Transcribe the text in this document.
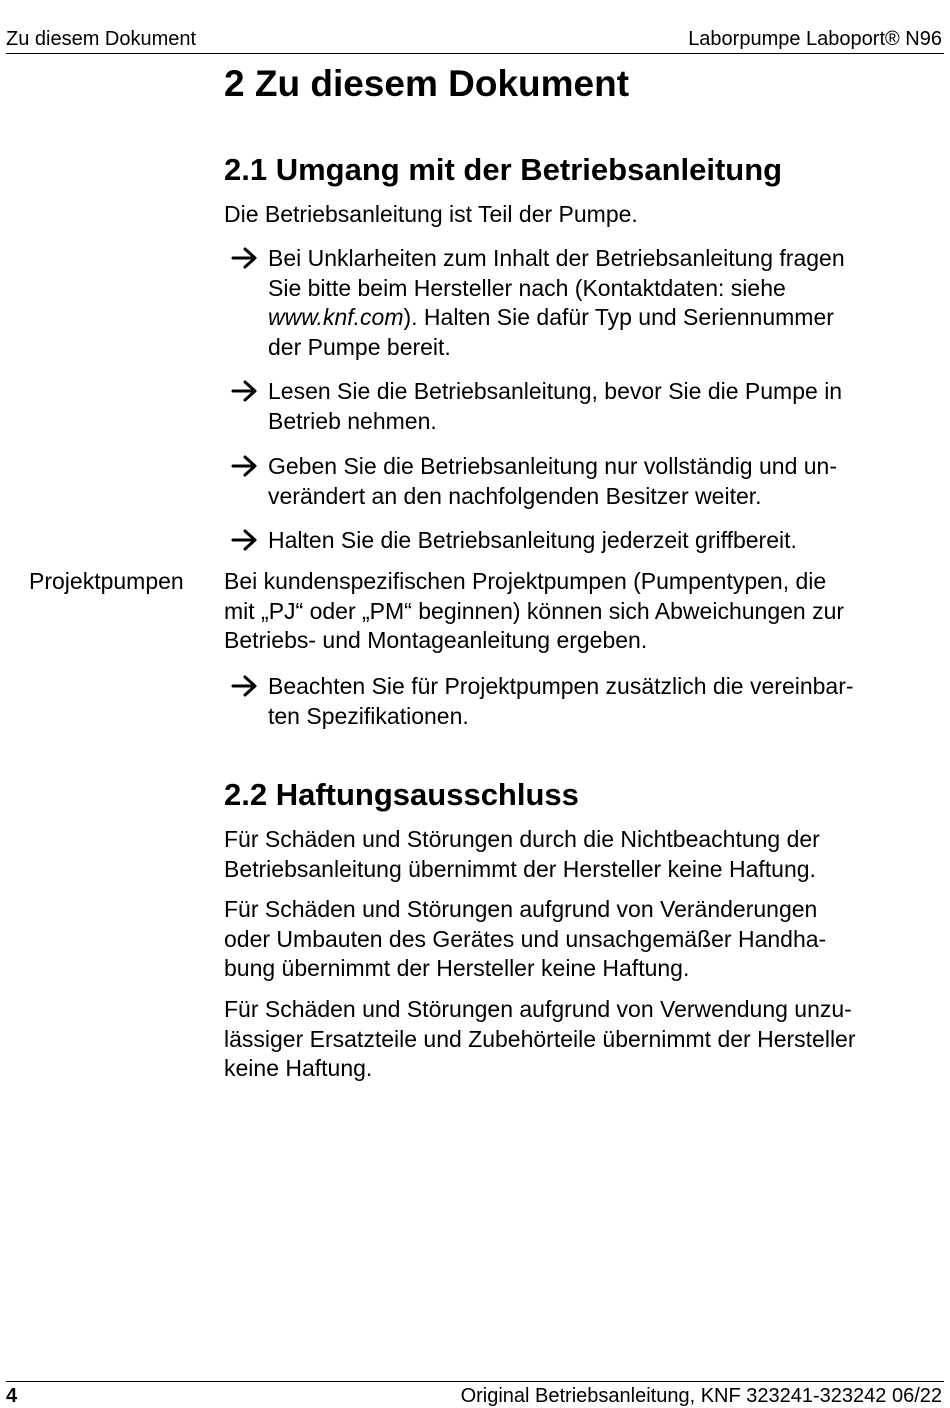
Zu diesem Dokument	Laborpumpe Laboport® N96
2 Zu diesem Dokument
2.1 Umgang mit der Betriebsanleitung

Die Betriebsanleitung ist Teil der Pumpe.

Bei Unklarheiten zum Inhalt der Betriebsanleitung fragen
Sie bitte beim Hersteller nach (Kontaktdaten: siehe
www.knf.com). Halten Sie dafür Typ und Seriennummer
der Pumpe bereit.
Lesen Sie die Betriebsanleitung, bevor Sie die Pumpe in
Betrieb nehmen.
Geben Sie die Betriebsanleitung nur vollständig und un-
verändert an den nachfolgenden Besitzer weiter.
Halten Sie die Betriebsanleitung jederzeit griffbereit.
Projektpumpen Bei kundenspezifischen Projektpumpen (Pumpentypen, die
mit „PJ“ oder „PM“ beginnen) können sich Abweichungen zur
Betriebs- und Montageanleitung ergeben.

Beachten Sie für Projektpumpen zusätzlich die vereinbar-
ten Spezifikationen.
2.2 Haftungsausschluss

Für Schäden und Störungen durch die Nichtbeachtung der
Betriebsanleitung übernimmt der Hersteller keine Haftung.

Für Schäden und Störungen aufgrund von Veränderungen
oder Umbauten des Gerätes und unsachgemäßer Handha-
bung übernimmt der Hersteller keine Haftung.

Für Schäden und Störungen aufgrund von Verwendung unzu-
lässiger Ersatzteile und Zubehörteile übernimmt der Hersteller
keine Haftung.

4	Original Betriebsanleitung, KNF 323241-323242 06/22
